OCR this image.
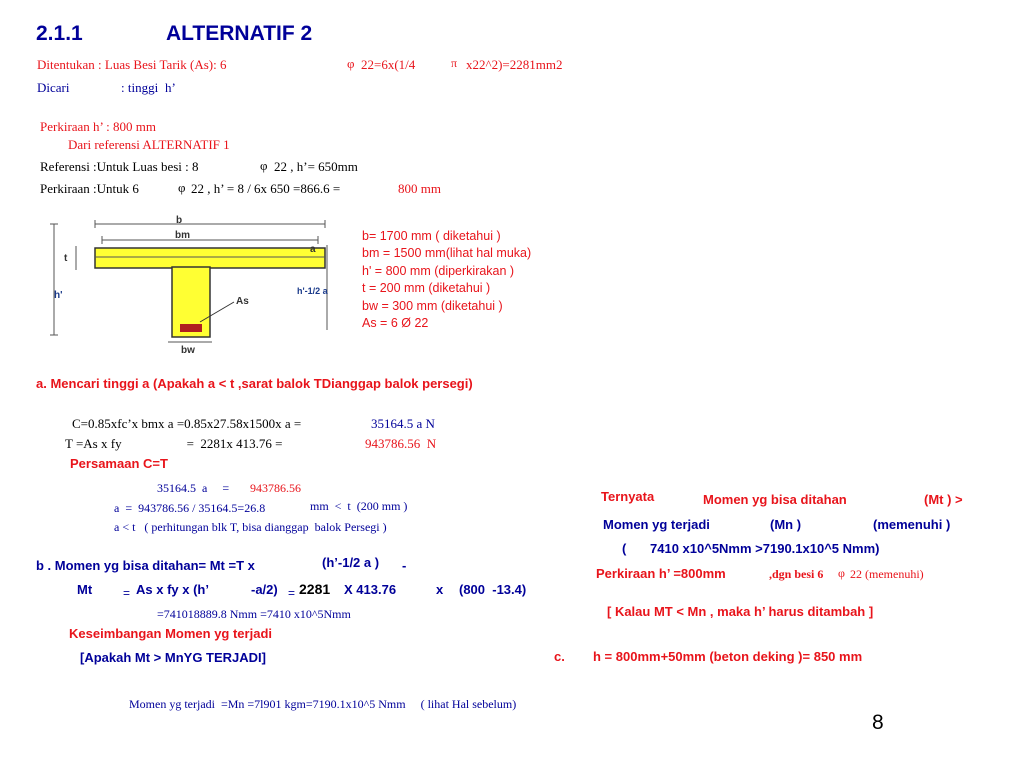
2.1.1	ALTERNATIF 2
Ditentukan : Luas Besi Tarik (As): 6	φ 22=6x(1/4	π x22^2)=2281mm2
Dicari	: tinggi h’
Perkiraan h’ : 800 mm
Dari referensi ALTERNATIF 1
Referensi :Untuk Luas besi : 8	φ 22 , h’= 650mm
Perkiraan :Untuk 6	φ 22 , h’ = 8 / 6x 650 =866.6 =	800 mm
b
bm
a
t
h'	h'-1/2 a
As
bw
b= 1700 mm ( diketahui )
bm = 1500 mm(lihat hal muka)
h' = 800 mm (diperkirakan )
t = 200 mm (diketahui )
bw = 300 mm (diketahui )
As = 6 Ø 22
a. Mencari tinggi a (Apakah a < t ,sarat balok TDianggap balok persegi)
C=0.85xfc’x bmx a =0.85x27.58x1500x a =	35164.5 a N
T =As x fy                    =  2281x 413.76 =	943786.56  N
Persamaan C=T
35164.5  a     = 943786.56
a  =  943786.56 / 35164.5=26.8	mm  <  t  (200 mm )
a < t   ( perhitungan blk T, bisa dianggap  balok Persegi )
b . Momen yg bisa ditahan= Mt =T x	(h’-1/2 a ) -
Mt	= As x fy x (h’	-a/2) = 2281 X 413.76	x (800  -13.4)
=741018889.8 Nmm =7410 x10^5Nmm
Keseimbangan Momen yg terjadi
[Apakah Mt > MnYG TERJADI]
Momen yg terjadi  =Mn =7l901 kgm=7190.1x10^5 Nmm     ( lihat Hal sebelum)
Ternyata	Momen yg bisa ditahan	(Mt ) >
Momen yg terjadi	(Mn )	(memenuhi )
( 7410 x10^5Nmm >7190.1x10^5 Nmm)
Perkiraan h’ =800mm	,dgn besi 6 φ 22 (memenuhi)
[ Kalau MT < Mn , maka h’ harus ditambah ]
c. h = 800mm+50mm (beton deking )= 850 mm
8
